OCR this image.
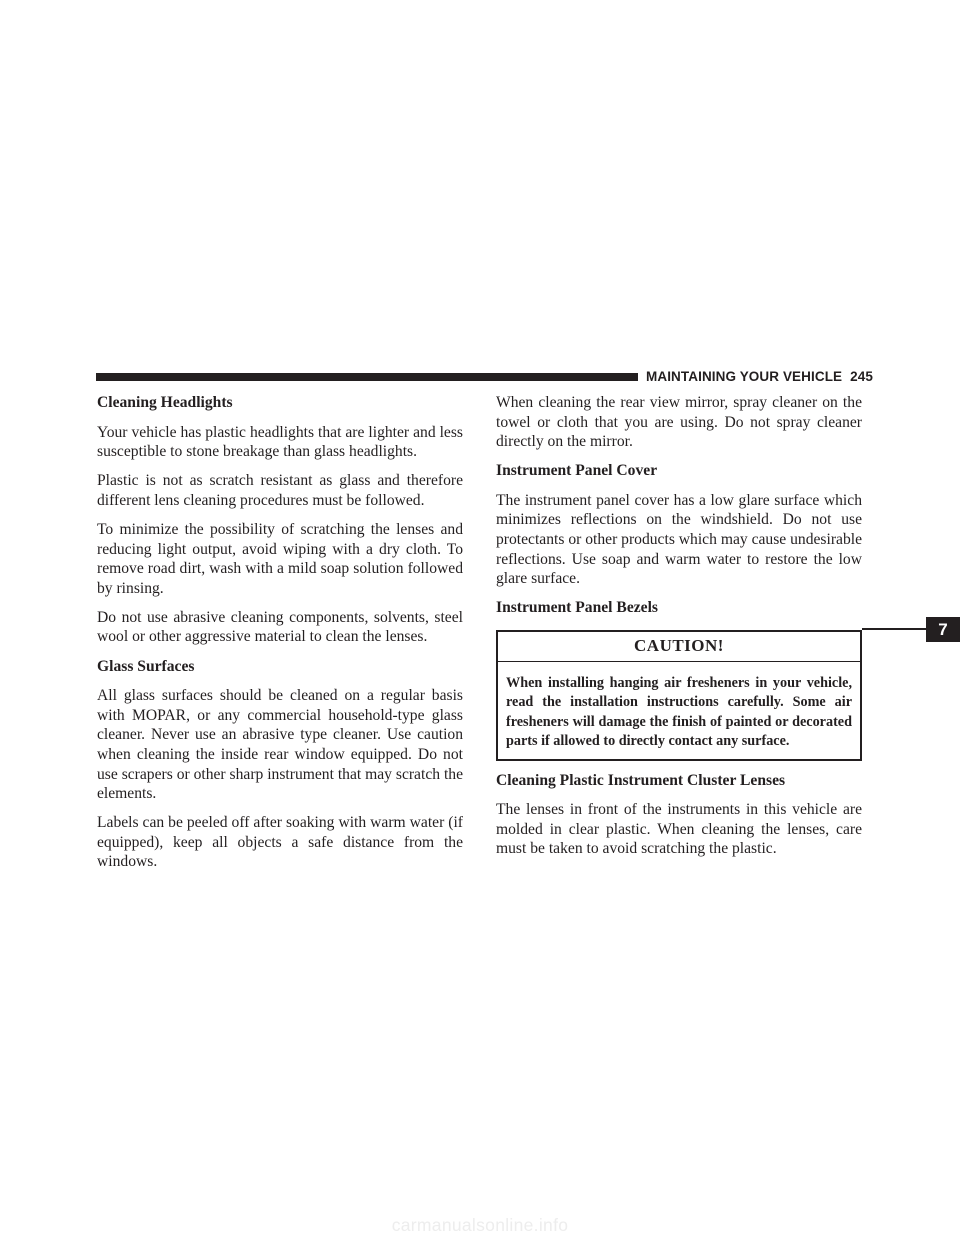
MAINTAINING YOUR VEHICLE 245
Cleaning Headlights

Your vehicle has plastic headlights that are lighter and less susceptible to stone breakage than glass headlights.

Plastic is not as scratch resistant as glass and therefore different lens cleaning procedures must be followed.

To minimize the possibility of scratching the lenses and reducing light output, avoid wiping with a dry cloth. To remove road dirt, wash with a mild soap solution followed by rinsing.

Do not use abrasive cleaning components, solvents, steel wool or other aggressive material to clean the lenses.

Glass Surfaces

All glass surfaces should be cleaned on a regular basis with MOPAR, or any commercial household-type glass cleaner. Never use an abrasive type cleaner. Use caution when cleaning the inside rear window equipped. Do not use scrapers or other sharp instrument that may scratch the elements.

Labels can be peeled off after soaking with warm water (if equipped), keep all objects a safe distance from the windows.

When cleaning the rear view mirror, spray cleaner on the towel or cloth that you are using. Do not spray cleaner directly on the mirror.

Instrument Panel Cover

The instrument panel cover has a low glare surface which minimizes reflections on the windshield. Do not use protectants or other products which may cause undesirable reflections. Use soap and warm water to restore the low glare surface.

Instrument Panel Bezels
CAUTION!
When installing hanging air fresheners in your vehicle, read the installation instructions carefully. Some air fresheners will damage the finish of painted or decorated parts if allowed to directly contact any surface.
Cleaning Plastic Instrument Cluster Lenses

The lenses in front of the instruments in this vehicle are molded in clear plastic. When cleaning the lenses, care must be taken to avoid scratching the plastic.

7
carmanualsonline.info
